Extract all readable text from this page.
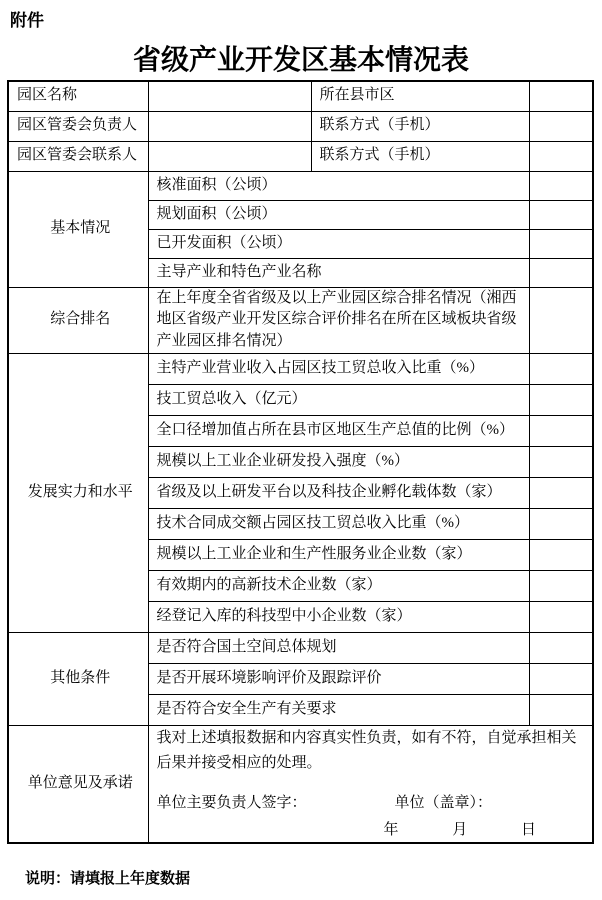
附件
省级产业开发区基本情况表
园区名称		所在县市区	
园区管委会负责人		联系方式（手机）	
园区管委会联系人		联系方式（手机）	
基本情况	核准面积（公顷）		
	规划面积（公顷）		
	已开发面积（公顷）		
	主导产业和特色产业名称		
综合排名	在上年度全省省级及以上产业园区综合排名情况（湘西地区省级产业开发区综合评价排名在所在区域板块省级产业园区排名情况）		
发展实力和水平	主特产业营业收入占园区技工贸总收入比重（%）		
	技工贸总收入（亿元）		
	全口径增加值占所在县市区地区生产总值的比例（%）		
	规模以上工业企业研发投入强度（%）		
	省级及以上研发平台以及科技企业孵化载体数（家）		
	技术合同成交额占园区技工贸总收入比重（%）		
	规模以上工业企业和生产性服务业企业数（家）		
	有效期内的高新技术企业数（家）		
	经登记入库的科技型中小企业数（家）		
其他条件	是否符合国土空间总体规划		
	是否开展环境影响评价及跟踪评价		
	是否符合安全生产有关要求		
单位意见及承诺	我对上述填报数据和内容真实性负责，如有不符，自觉承担相关后果并接受相应的处理。
单位主要负责人签字： 单位（盖章）：
年 月 日		
说明：请填报上年度数据
